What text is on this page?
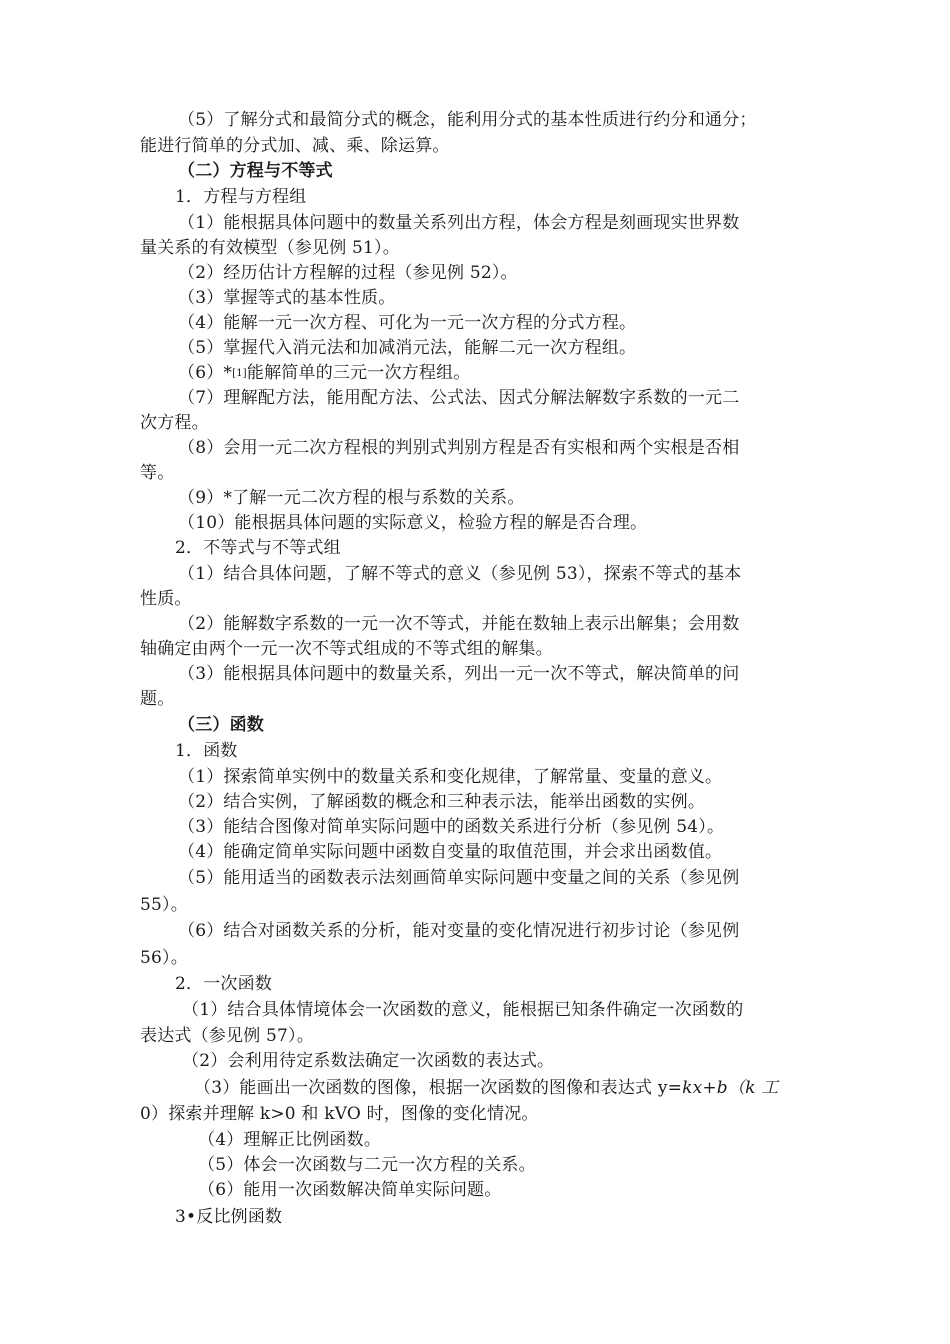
（5）了解分式和最简分式的概念，能利用分式的基本性质进行约分和通分；
能进行简单的分式加、减、乘、除运算。
（二）方程与不等式
1．方程与方程组
（1）能根据具体问题中的数量关系列出方程，体会方程是刻画现实世界数
量关系的有效模型（参见例 51）。
（2）经历估计方程解的过程（参见例 52）。
（3）掌握等式的基本性质。
（4）能解一元一次方程、可化为一元一次方程的分式方程。
（5）掌握代入消元法和加减消元法，能解二元一次方程组。
（6）*[1]能解简单的三元一次方程组。
（7）理解配方法，能用配方法、公式法、因式分解法解数字系数的一元二
次方程。
（8）会用一元二次方程根的判别式判别方程是否有实根和两个实根是否相
等。
（9）*了解一元二次方程的根与系数的关系。
（10）能根据具体问题的实际意义，检验方程的解是否合理。
2．不等式与不等式组
（1）结合具体问题，了解不等式的意义（参见例 53），探索不等式的基本
性质。
（2）能解数字系数的一元一次不等式，并能在数轴上表示出解集；会用数
轴确定由两个一元一次不等式组成的不等式组的解集。
（3）能根据具体问题中的数量关系，列出一元一次不等式，解决简单的问
题。
（三）函数
1．函数
（1）探索简单实例中的数量关系和变化规律，了解常量、变量的意义。
（2）结合实例，了解函数的概念和三种表示法，能举出函数的实例。
（3）能结合图像对简单实际问题中的函数关系进行分析（参见例 54）。
（4）能确定简单实际问题中函数自变量的取值范围，并会求出函数值。
（5）能用适当的函数表示法刻画简单实际问题中变量之间的关系（参见例
55）。
（6）结合对函数关系的分析，能对变量的变化情况进行初步讨论（参见例
56）。
2．一次函数
（1）结合具体情境体会一次函数的意义，能根据已知条件确定一次函数的
表达式（参见例 57）。
（2）会利用待定系数法确定一次函数的表达式。
（3）能画出一次函数的图像，根据一次函数的图像和表达式 y=kx+b（k 工
0）探索并理解 k>0 和 kVO 时，图像的变化情况。
（4）理解正比例函数。
（5）体会一次函数与二元一次方程的关系。
（6）能用一次函数解决简单实际问题。
3•反比例函数
